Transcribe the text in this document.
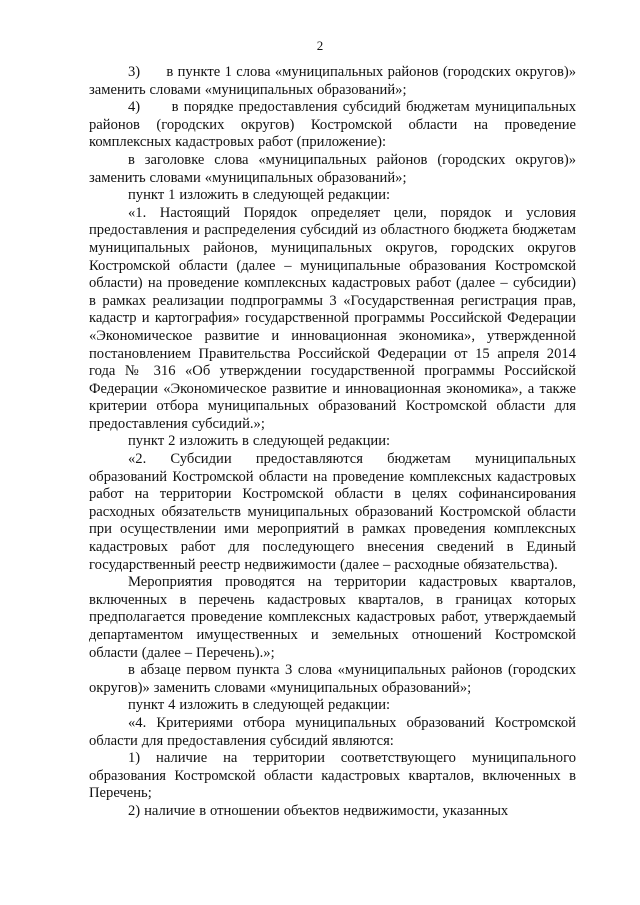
2

3)      в пункте 1 слова «муниципальных районов (городских округов)» заменить словами «муниципальных образований»;

4)      в порядке предоставления субсидий бюджетам муниципальных районов (городских округов) Костромской области на проведение комплексных кадастровых работ (приложение):

в заголовке слова «муниципальных районов (городских округов)» заменить словами «муниципальных образований»;

пункт 1 изложить в следующей редакции:

«1. Настоящий Порядок определяет цели, порядок и условия предоставления и распределения субсидий из областного бюджета бюджетам муниципальных районов, муниципальных округов, городских округов Костромской области (далее – муниципальные образования Костромской области) на проведение комплексных кадастровых работ (далее – субсидии) в рамках реализации подпрограммы 3 «Государственная регистрация прав, кадастр и картография» государственной программы Российской Федерации «Экономическое развитие и инновационная экономика», утвержденной постановлением Правительства Российской Федерации от 15 апреля 2014 года № 316 «Об утверждении государственной программы Российской Федерации «Экономическое развитие и инновационная экономика», а также критерии отбора муниципальных образований Костромской области для предоставления субсидий.»;

пункт 2 изложить в следующей редакции:

«2. Субсидии предоставляются бюджетам муниципальных образований Костромской области на проведение комплексных кадастровых работ на территории Костромской области в целях софинансирования расходных обязательств муниципальных образований Костромской области при осуществлении ими мероприятий в рамках проведения комплексных кадастровых работ для последующего внесения сведений в Единый государственный реестр недвижимости (далее – расходные обязательства).

Мероприятия проводятся на территории кадастровых кварталов, включенных в перечень кадастровых кварталов, в границах которых предполагается проведение комплексных кадастровых работ, утверждаемый департаментом имущественных и земельных отношений Костромской области (далее – Перечень).»;

в абзаце первом пункта 3 слова «муниципальных районов (городских округов)» заменить словами «муниципальных образований»;

пункт 4 изложить в следующей редакции:

«4. Критериями отбора муниципальных образований Костромской области для предоставления субсидий являются:

1) наличие на территории соответствующего муниципального образования Костромской области кадастровых кварталов, включенных в Перечень;

2) наличие в отношении объектов недвижимости, указанных
